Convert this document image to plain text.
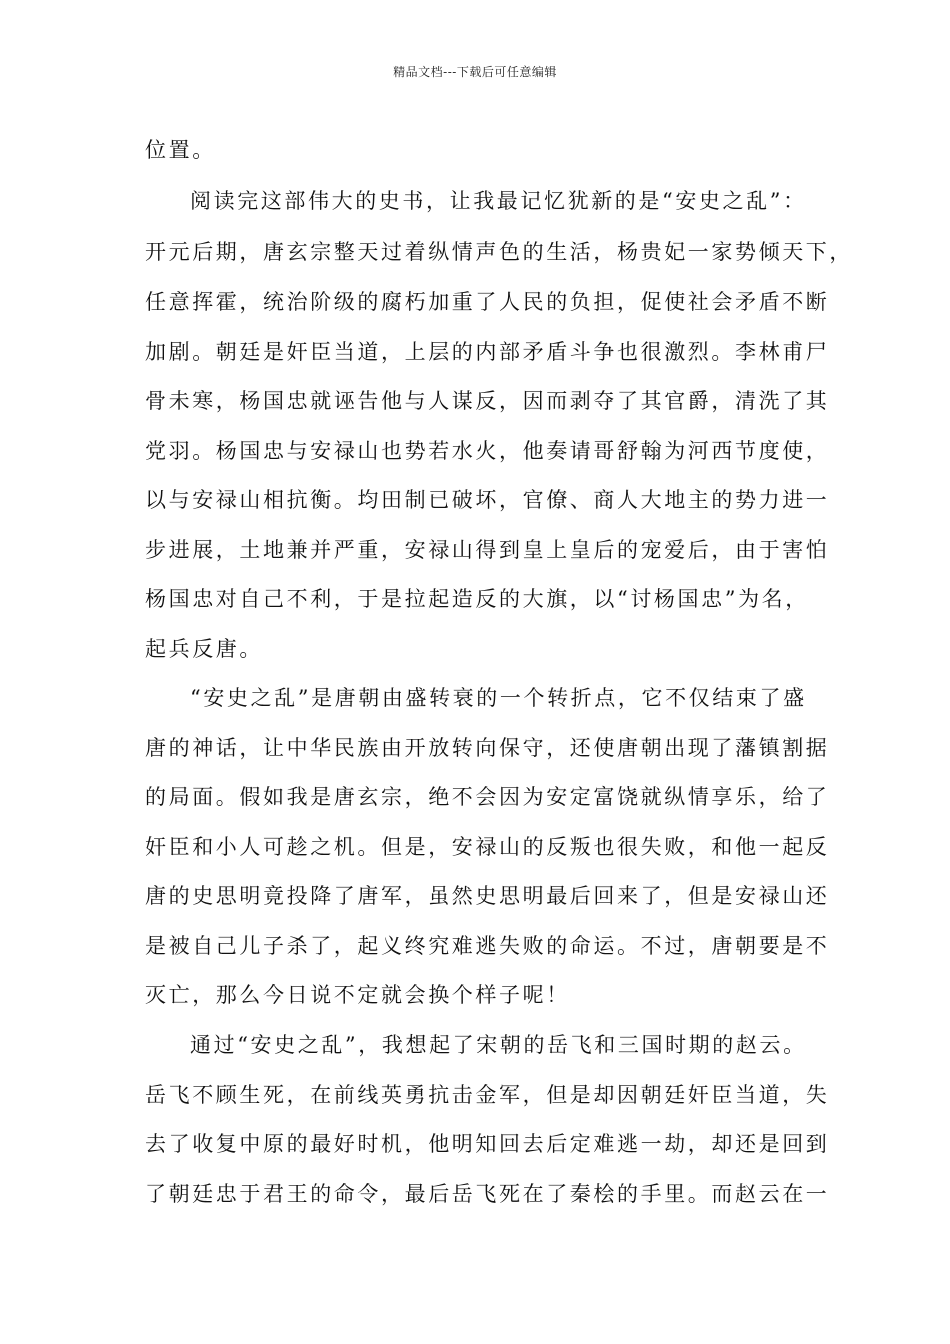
精品文档---下载后可任意编辑
位置。
阅读完这部伟大的史书，让我最记忆犹新的是“安史之乱”：
开元后期，唐玄宗整天过着纵情声色的生活，杨贵妃一家势倾天下，
任意挥霍，统治阶级的腐朽加重了人民的负担，促使社会矛盾不断
加剧。朝廷是奸臣当道，上层的内部矛盾斗争也很激烈。李林甫尸
骨未寒，杨国忠就诬告他与人谋反，因而剥夺了其官爵，清洗了其
党羽。杨国忠与安禄山也势若水火，他奏请哥舒翰为河西节度使，
以与安禄山相抗衡。均田制已破坏，官僚、商人大地主的势力进一
步进展，土地兼并严重，安禄山得到皇上皇后的宠爱后，由于害怕
杨国忠对自己不利，于是拉起造反的大旗，以“讨杨国忠”为名，
起兵反唐。
“安史之乱”是唐朝由盛转衰的一个转折点，它不仅结束了盛
唐的神话，让中华民族由开放转向保守，还使唐朝出现了藩镇割据
的局面。假如我是唐玄宗，绝不会因为安定富饶就纵情享乐，给了
奸臣和小人可趁之机。但是，安禄山的反叛也很失败，和他一起反
唐的史思明竟投降了唐军，虽然史思明最后回来了，但是安禄山还
是被自己儿子杀了，起义终究难逃失败的命运。不过，唐朝要是不
灭亡，那么今日说不定就会换个样子呢！
通过“安史之乱”，我想起了宋朝的岳飞和三国时期的赵云。
岳飞不顾生死，在前线英勇抗击金军，但是却因朝廷奸臣当道，失
去了收复中原的最好时机，他明知回去后定难逃一劫，却还是回到
了朝廷忠于君王的命令，最后岳飞死在了秦桧的手里。而赵云在一
